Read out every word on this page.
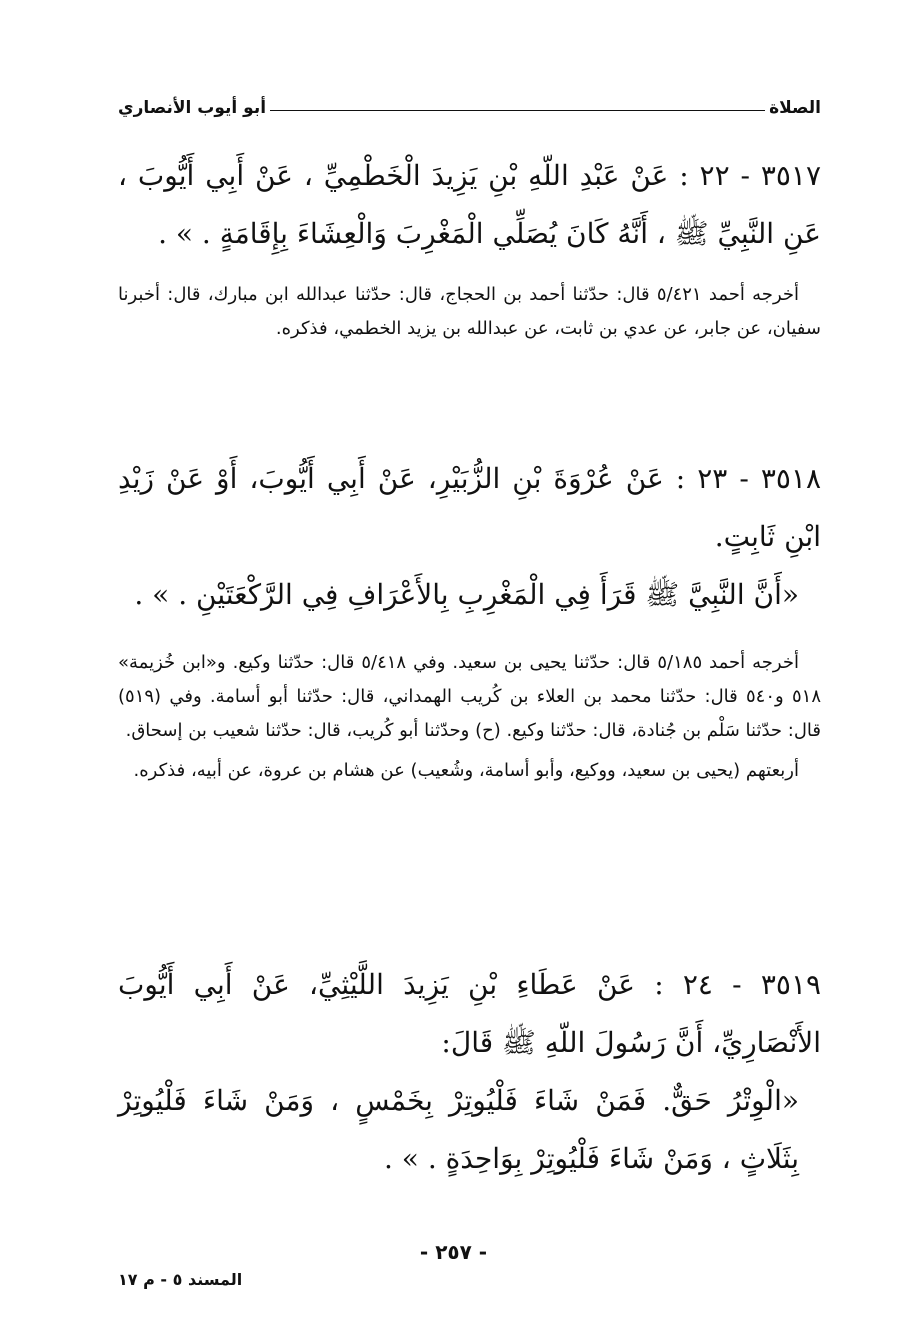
الصلاة
أبو أيوب الأنصاري
٣٥١٧ - ٢٢ : عَنْ عَبْدِ اللّهِ بْنِ يَزِيدَ الْخَطْمِيِّ ، عَنْ أَبِي أَيُّوبَ ، عَنِ النَّبِيِّ ﷺ ، أَنَّهُ كَانَ يُصَلِّي الْمَغْرِبَ وَالْعِشَاءَ بِإِقَامَةٍ . » .

أخرجه أحمد ٥/٤٢١ قال: حدّثنا أحمد بن الحجاج، قال: حدّثنا عبدالله ابن مبارك، قال: أخبرنا سفيان، عن جابر، عن عدي بن ثابت، عن عبدالله بن يزيد الخطمي، فذكره.

٣٥١٨ - ٢٣ : عَنْ عُرْوَةَ بْنِ الزُّبَيْرِ، عَنْ أَبِي أَيُّوبَ، أَوْ عَنْ زَيْدِ ابْنِ ثَابِتٍ.
«أَنَّ النَّبِيَّ ﷺ قَرَأَ فِي الْمَغْرِبِ بِالأَعْرَافِ فِي الرَّكْعَتَيْنِ . » .

أخرجه أحمد ٥/١٨٥ قال: حدّثنا يحيى بن سعيد. وفي ٥/٤١٨ قال: حدّثنا وكيع. و«ابن خُزيمة» ٥١٨ و٥٤٠ قال: حدّثنا محمد بن العلاء بن كُريب الهمداني، قال: حدّثنا أبو أسامة. وفي (٥١٩) قال: حدّثنا سَلْم بن جُنادة، قال: حدّثنا وكيع. (ح) وحدّثنا أبو كُريب، قال: حدّثنا شعيب بن إسحاق.

أربعتهم (يحيى بن سعيد، ووكيع، وأبو أسامة، وشُعيب) عن هشام بن عروة، عن أبيه، فذكره.

٣٥١٩ - ٢٤ : عَنْ عَطَاءِ بْنِ يَزِيدَ اللَّيْثِيِّ، عَنْ أَبِي أَيُّوبَ الأَنْصَارِيِّ، أَنَّ رَسُولَ اللّهِ ﷺ قَالَ:
«الْوِتْرُ حَقٌّ. فَمَنْ شَاءَ فَلْيُوتِرْ بِخَمْسٍ ، وَمَنْ شَاءَ فَلْيُوتِرْ بِثَلَاثٍ ، وَمَنْ شَاءَ فَلْيُوتِرْ بِوَاحِدَةٍ . » .
- ٢٥٧ -
المسند ٥ - م ١٧
